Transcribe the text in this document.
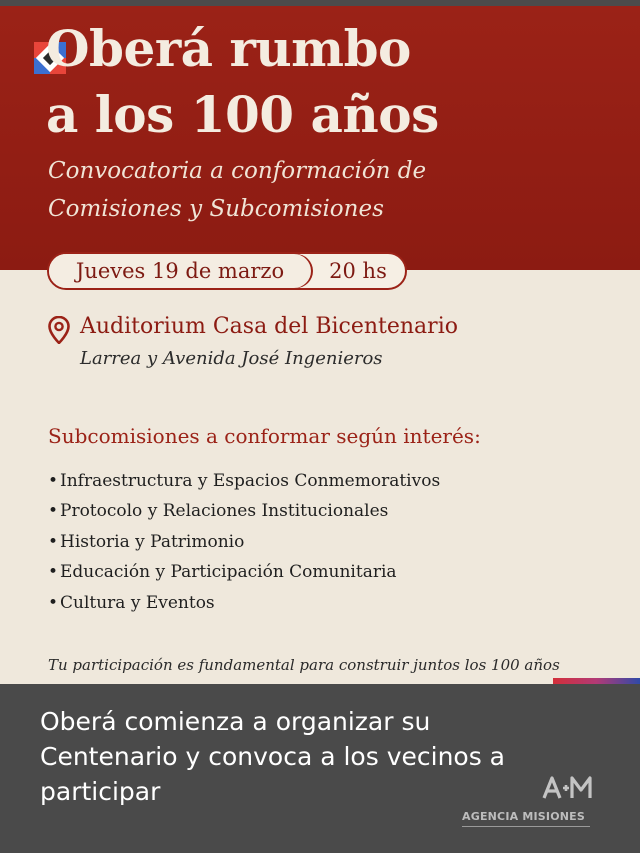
Oberá rumbo
a los 100 años

Convocatoria a conformación de
Comisiones y Subcomisiones

Jueves 19 de marzo	20 hs
Auditorium Casa del Bicentenario
Larrea y Avenida José Ingenieros
Subcomisiones a conformar según interés:
• Infraestructura y Espacios Conmemorativos
• Protocolo y Relaciones Institucionales
• Historia y Patrimonio
• Educación y Participación Comunitaria
• Cultura y Eventos
Tu participación es fundamental para construir juntos los 100 años
Oberá comienza a organizar su
Centenario y convoca a los vecinos a
participar
AGENCIA MISIONES
